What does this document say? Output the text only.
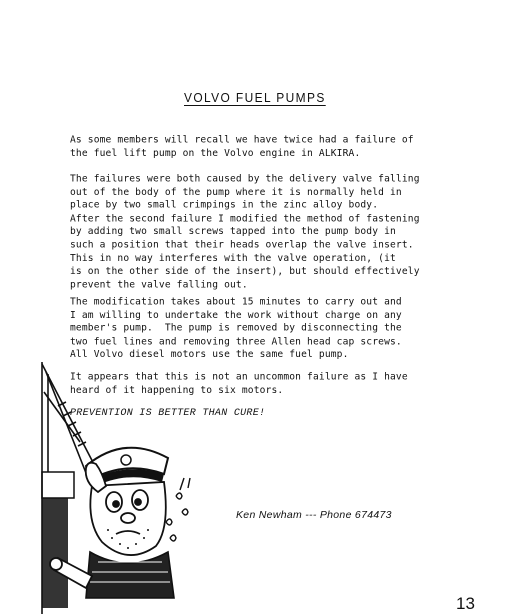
VOLVO FUEL PUMPS
As some members will recall we have twice had a failure of
the fuel lift pump on the Volvo engine in ALKIRA.
The failures were both caused by the delivery valve falling
out of the body of the pump where it is normally held in
place by two small crimpings in the zinc alloy body.
After the second failure I modified the method of fastening
by adding two small screws tapped into the pump body in
such a position that their heads overlap the valve insert.
This in no way interferes with the valve operation, (it
is on the other side of the insert), but should effectively
prevent the valve falling out.
The modification takes about 15 minutes to carry out and
I am willing to undertake the work without charge on any
member's pump.  The pump is removed by disconnecting the
two fuel lines and removing three Allen head cap screws.
All Volvo diesel motors use the same fuel pump.
It appears that this is not an uncommon failure as I have
heard of it happening to six motors.
PREVENTION IS BETTER THAN CURE!
Ken Newham --- Phone 674473
13
